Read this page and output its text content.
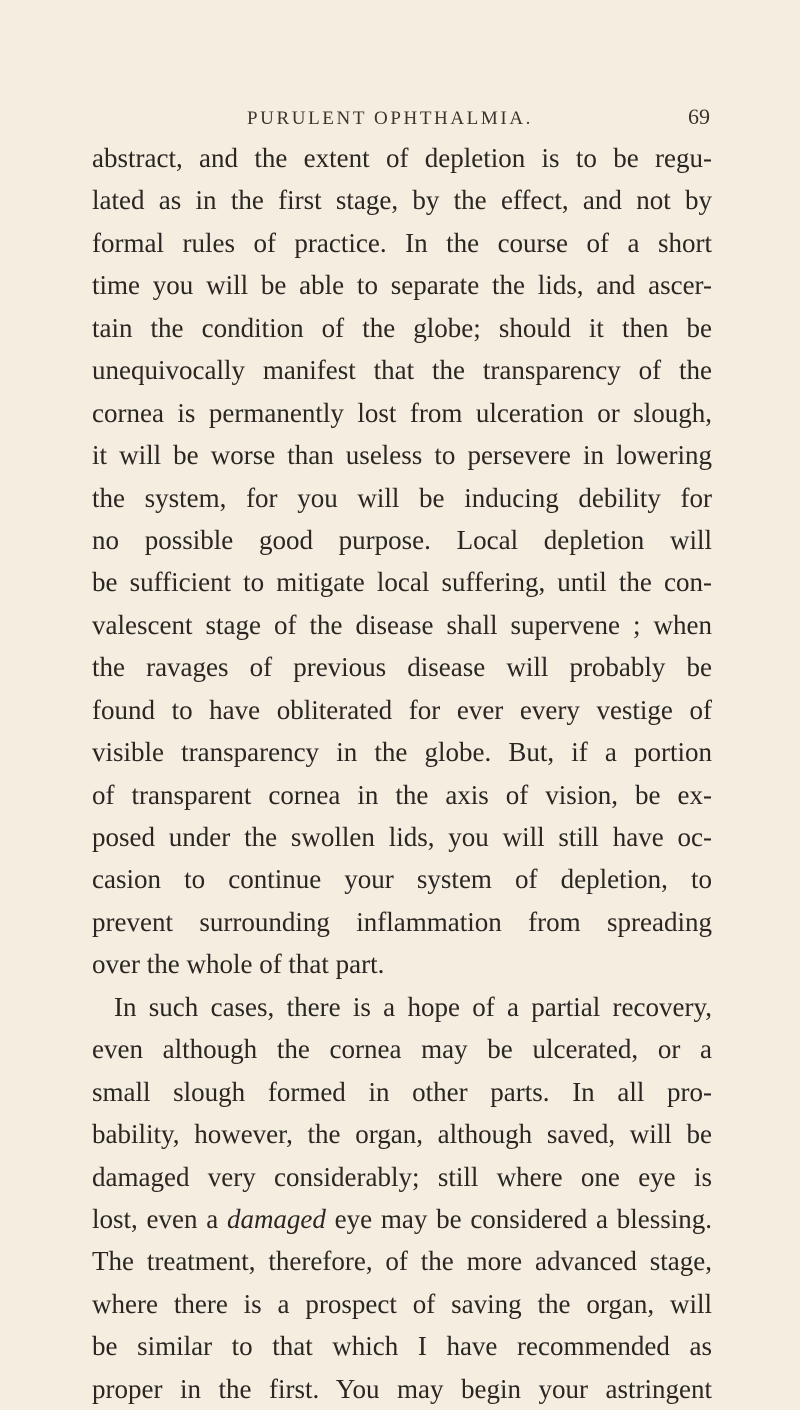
PURULENT OPHTHALMIA.	69
abstract, and the extent of depletion is to be regu-
lated as in the first stage, by the effect, and not by
formal rules of practice. In the course of a short
time you will be able to separate the lids, and ascer-
tain the condition of the globe; should it then be
unequivocally manifest that the transparency of the
cornea is permanently lost from ulceration or slough,
it will be worse than useless to persevere in lowering
the system, for you will be inducing debility for
no possible good purpose. Local depletion will
be sufficient to mitigate local suffering, until the con-
valescent stage of the disease shall supervene ; when
the ravages of previous disease will probably be
found to have obliterated for ever every vestige of
visible transparency in the globe. But, if a portion
of transparent cornea in the axis of vision, be ex-
posed under the swollen lids, you will still have oc-
casion to continue your system of depletion, to
prevent surrounding inflammation from spreading
over the whole of that part.
In such cases, there is a hope of a partial recovery,
even although the cornea may be ulcerated, or a
small slough formed in other parts. In all pro-
bability, however, the organ, although saved, will be
damaged very considerably; still where one eye is
lost, even a damaged eye may be considered a blessing.
The treatment, therefore, of the more advanced stage,
where there is a prospect of saving the organ, will
be similar to that which I have recommended as
proper in the first. You may begin your astringent
